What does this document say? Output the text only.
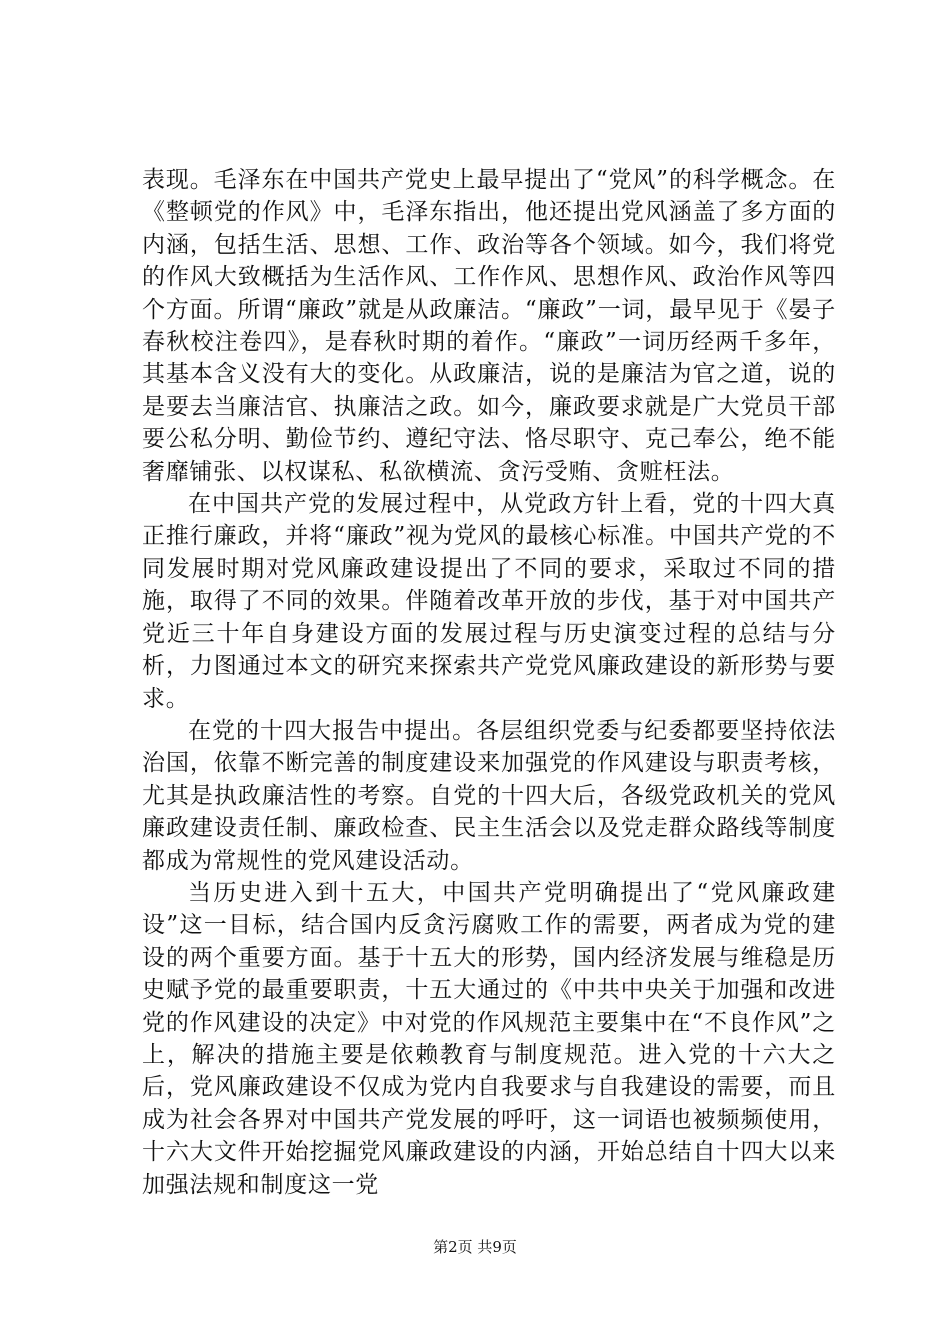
表现。毛泽东在中国共产党史上最早提出了“党风”的科学概念。在《整顿党的作风》中，毛泽东指出，他还提出党风涵盖了多方面的内涵，包括生活、思想、工作、政治等各个领域。如今，我们将党的作风大致概括为生活作风、工作作风、思想作风、政治作风等四个方面。所谓“廉政”就是从政廉洁。“廉政”一词，最早见于《晏子春秋校注卷四》，是春秋时期的着作。“廉政”一词历经两千多年，其基本含义没有大的变化。从政廉洁，说的是廉洁为官之道，说的是要去当廉洁官、执廉洁之政。如今，廉政要求就是广大党员干部要公私分明、勤俭节约、遵纪守法、恪尽职守、克己奉公，绝不能奢靡铺张、以权谋私、私欲横流、贪污受贿、贪赃枉法。

在中国共产党的发展过程中，从党政方针上看，党的十四大真正推行廉政，并将“廉政”视为党风的最核心标准。中国共产党的不同发展时期对党风廉政建设提出了不同的要求，采取过不同的措施，取得了不同的效果。伴随着改革开放的步伐，基于对中国共产党近三十年自身建设方面的发展过程与历史演变过程的总结与分析，力图通过本文的研究来探索共产党党风廉政建设的新形势与要求。

在党的十四大报告中提出。各层组织党委与纪委都要坚持依法治国，依靠不断完善的制度建设来加强党的作风建设与职责考核，尤其是执政廉洁性的考察。自党的十四大后，各级党政机关的党风廉政建设责任制、廉政检查、民主生活会以及党走群众路线等制度都成为常规性的党风建设活动。

当历史进入到十五大，中国共产党明确提出了“党风廉政建设”这一目标，结合国内反贪污腐败工作的需要，两者成为党的建设的两个重要方面。基于十五大的形势，国内经济发展与维稳是历史赋予党的最重要职责，十五大通过的《中共中央关于加强和改进党的作风建设的决定》中对党的作风规范主要集中在“不良作风”之上，解决的措施主要是依赖教育与制度规范。进入党的十六大之后，党风廉政建设不仅成为党内自我要求与自我建设的需要，而且成为社会各界对中国共产党发展的呼吁，这一词语也被频频使用，十六大文件开始挖掘党风廉政建设的内涵，开始总结自十四大以来加强法规和制度这一党

第2页 共9页
